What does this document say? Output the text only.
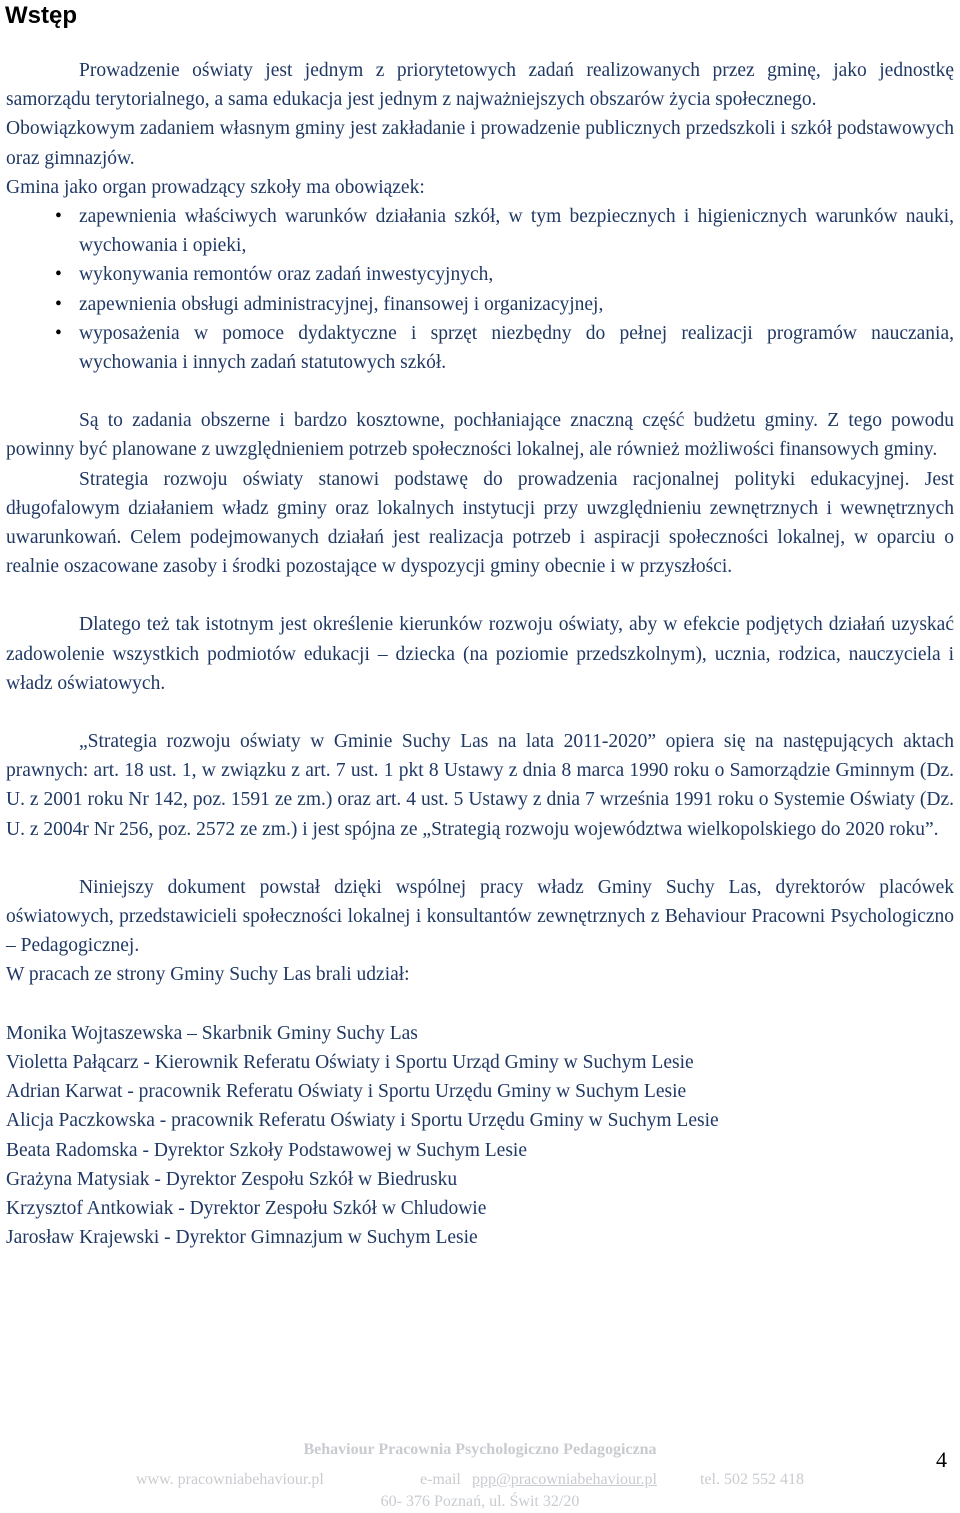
Wstęp

Prowadzenie oświaty jest jednym z priorytetowych zadań realizowanych przez gminę, jako jednostkę samorządu terytorialnego, a sama edukacja jest jednym z najważniejszych obszarów życia społecznego.

Obowiązkowym zadaniem własnym gminy jest zakładanie i prowadzenie publicznych przedszkoli i szkół podstawowych oraz gimnazjów.

Gmina jako organ prowadzący szkoły ma obowiązek:

• zapewnienia właściwych warunków działania szkół, w tym bezpiecznych i higienicznych warunków nauki, wychowania i opieki,
• wykonywania remontów oraz zadań inwestycyjnych,
• zapewnienia obsługi administracyjnej, finansowej i organizacyjnej,
• wyposażenia w pomoce dydaktyczne i sprzęt niezbędny do pełnej realizacji programów nauczania, wychowania i innych zadań statutowych szkół.

Są to zadania obszerne i bardzo kosztowne, pochłaniające znaczną część budżetu gminy. Z tego powodu powinny być planowane z uwzględnieniem potrzeb społeczności lokalnej, ale również możliwości finansowych gminy.

Strategia rozwoju oświaty stanowi podstawę do prowadzenia racjonalnej polityki edukacyjnej. Jest długofalowym działaniem władz gminy oraz lokalnych instytucji przy uwzględnieniu zewnętrznych i wewnętrznych uwarunkowań. Celem podejmowanych działań jest realizacja potrzeb i aspiracji społeczności lokalnej, w oparciu o realnie oszacowane zasoby i środki pozostające w dyspozycji gminy obecnie i w przyszłości.

Dlatego też tak istotnym jest określenie kierunków rozwoju oświaty, aby w efekcie podjętych działań uzyskać zadowolenie wszystkich podmiotów edukacji – dziecka (na poziomie przedszkolnym), ucznia, rodzica, nauczyciela i władz oświatowych.

„Strategia rozwoju oświaty w Gminie Suchy Las na lata 2011-2020” opiera się na następujących aktach prawnych: art. 18 ust. 1, w związku z art. 7 ust. 1 pkt 8 Ustawy z dnia 8 marca 1990 roku o Samorządzie Gminnym (Dz. U. z 2001 roku Nr 142, poz. 1591 ze zm.) oraz art. 4 ust. 5 Ustawy z dnia 7 września 1991 roku o Systemie Oświaty (Dz. U. z 2004r Nr 256, poz. 2572 ze zm.) i jest spójna ze „Strategią rozwoju województwa wielkopolskiego do 2020 roku”.

Niniejszy dokument powstał dzięki wspólnej pracy władz Gminy Suchy Las, dyrektorów placówek oświatowych, przedstawicieli społeczności lokalnej i konsultantów zewnętrznych z Behaviour Pracowni Psychologiczno – Pedagogicznej.

W pracach ze strony Gminy Suchy Las brali udział:

Monika Wojtaszewska – Skarbnik Gminy Suchy Las
Violetta Pałącarz - Kierownik Referatu Oświaty i Sportu Urząd Gminy w Suchym Lesie
Adrian Karwat - pracownik Referatu Oświaty i Sportu Urzędu Gminy w Suchym Lesie
Alicja Paczkowska - pracownik Referatu Oświaty i Sportu Urzędu Gminy w Suchym Lesie
Beata Radomska - Dyrektor Szkoły Podstawowej w Suchym Lesie
Grażyna Matysiak - Dyrektor Zespołu Szkół w Biedrusku
Krzysztof Antkowiak - Dyrektor Zespołu Szkół w Chludowie
Jarosław Krajewski - Dyrektor Gimnazjum w Suchym Lesie
Behaviour Pracownia Psychologiczno Pedagogiczna
www. pracowniabehaviour.pl	e-mail ppp@pracowniabehaviour.pl	tel. 502 552 418
60- 376 Poznań, ul. Świt 32/20
4
